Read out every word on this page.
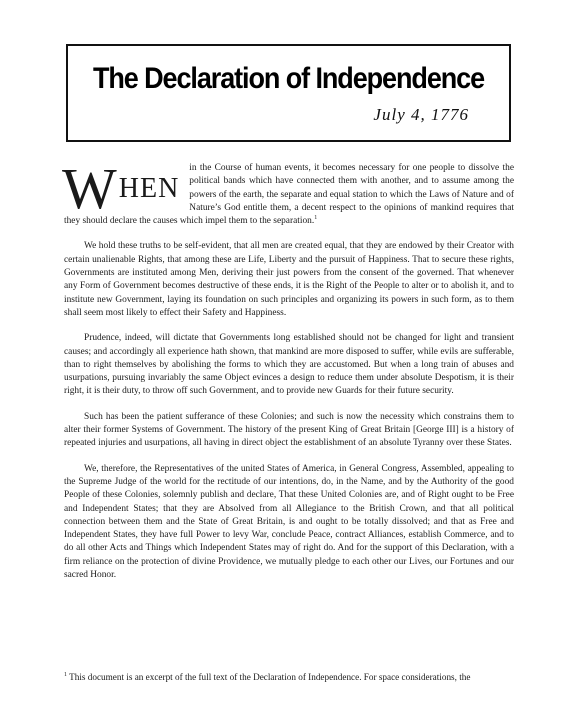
The Declaration of Independence
July 4, 1776

W HEN
in the Course of human events, it becomes necessary for one people to dissolve the political bands which have connected them with another, and to assume among the powers of the earth, the separate and equal station to which the Laws of Nature and of Nature’s God entitle them, a decent respect to the opinions of mankind requires that they should declare the causes which impel them to the separation.$^1$

We hold these truths to be self-evident, that all men are created equal, that they are endowed by their Creator with certain unalienable Rights, that among these are Life, Liberty and the pursuit of Happiness. That to secure these rights, Governments are instituted among Men, deriving their just powers from the consent of the governed. That whenever any Form of Government becomes destructive of these ends, it is the Right of the People to alter or to abolish it, and to institute new Government, laying its foundation on such principles and organizing its powers in such form, as to them shall seem most likely to effect their Safety and Happiness.

Prudence, indeed, will dictate that Governments long established should not be changed for light and transient causes; and accordingly all experience hath shown, that mankind are more disposed to suffer, while evils are sufferable, than to right themselves by abolishing the forms to which they are accustomed. But when a long train of abuses and usurpations, pursuing invariably the same Object evinces a design to reduce them under absolute Despotism, it is their right, it is their duty, to throw off such Government, and to provide new Guards for their future security.

Such has been the patient sufferance of these Colonies; and such is now the necessity which constrains them to alter their former Systems of Government. The history of the present King of Great Britain [George III] is a history of repeated injuries and usurpations, all having in direct object the establishment of an absolute Tyranny over these States.

We, therefore, the Representatives of the united States of America, in General Congress, Assembled, appealing to the Supreme Judge of the world for the rectitude of our intentions, do, in the Name, and by the Authority of the good People of these Colonies, solemnly publish and declare, That these United Colonies are, and of Right ought to be Free and Independent States; that they are Absolved from all Allegiance to the British Crown, and that all political connection between them and the State of Great Britain, is and ought to be totally dissolved; and that as Free and Independent States, they have full Power to levy War, conclude Peace, contract Alliances, establish Commerce, and to do all other Acts and Things which Independent States may of right do. And for the support of this Declaration, with a firm reliance on the protection of divine Providence, we mutually pledge to each other our Lives, our Fortunes and our sacred Honor.

$^1$ This document is an excerpt of the full text of the Declaration of Independence. For space considerations, the
